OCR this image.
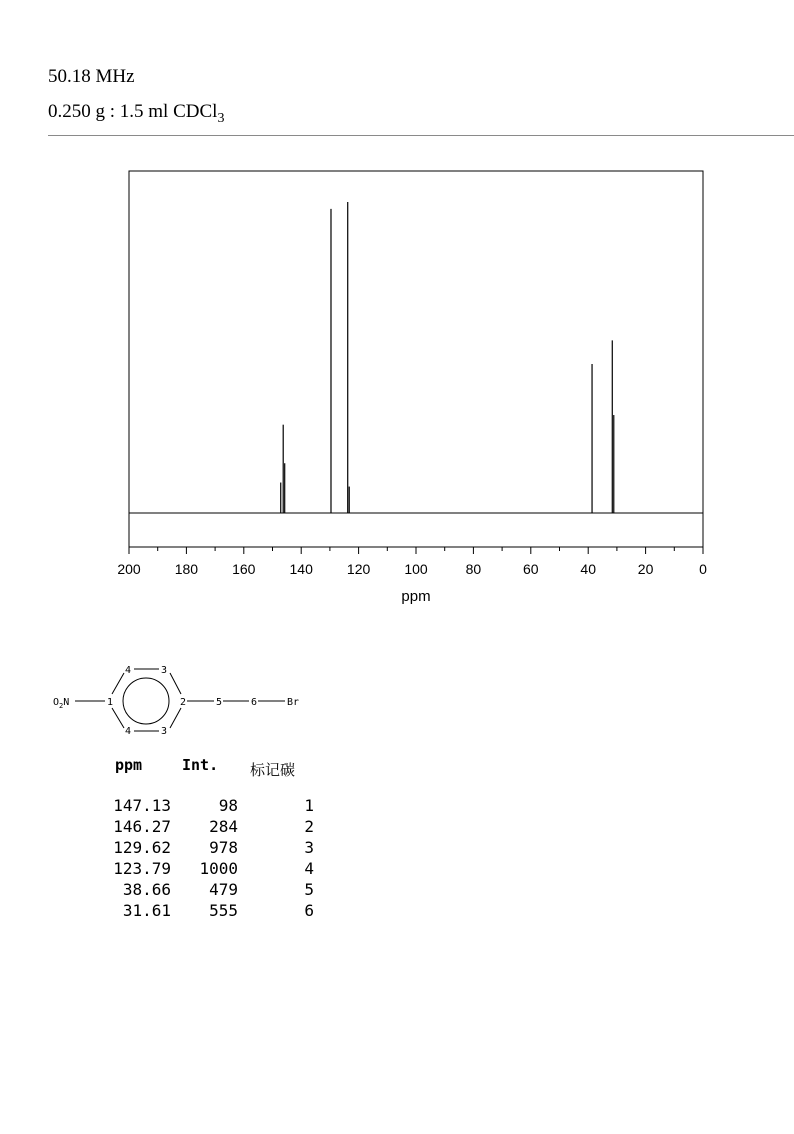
50.18 MHz
0.250 g : 1.5 ml CDCl$_3$
200 180 160 140 120 100	80	60	40	20	0
ppm
$O_2N$	1	2
3
3
4
4
5	6	Br
ppm	Int. 标记碳
147.13	98	1
146.27	284	2
129.62	978	3
123.79	1000	4
38.66	479	5
31.61	555	6
